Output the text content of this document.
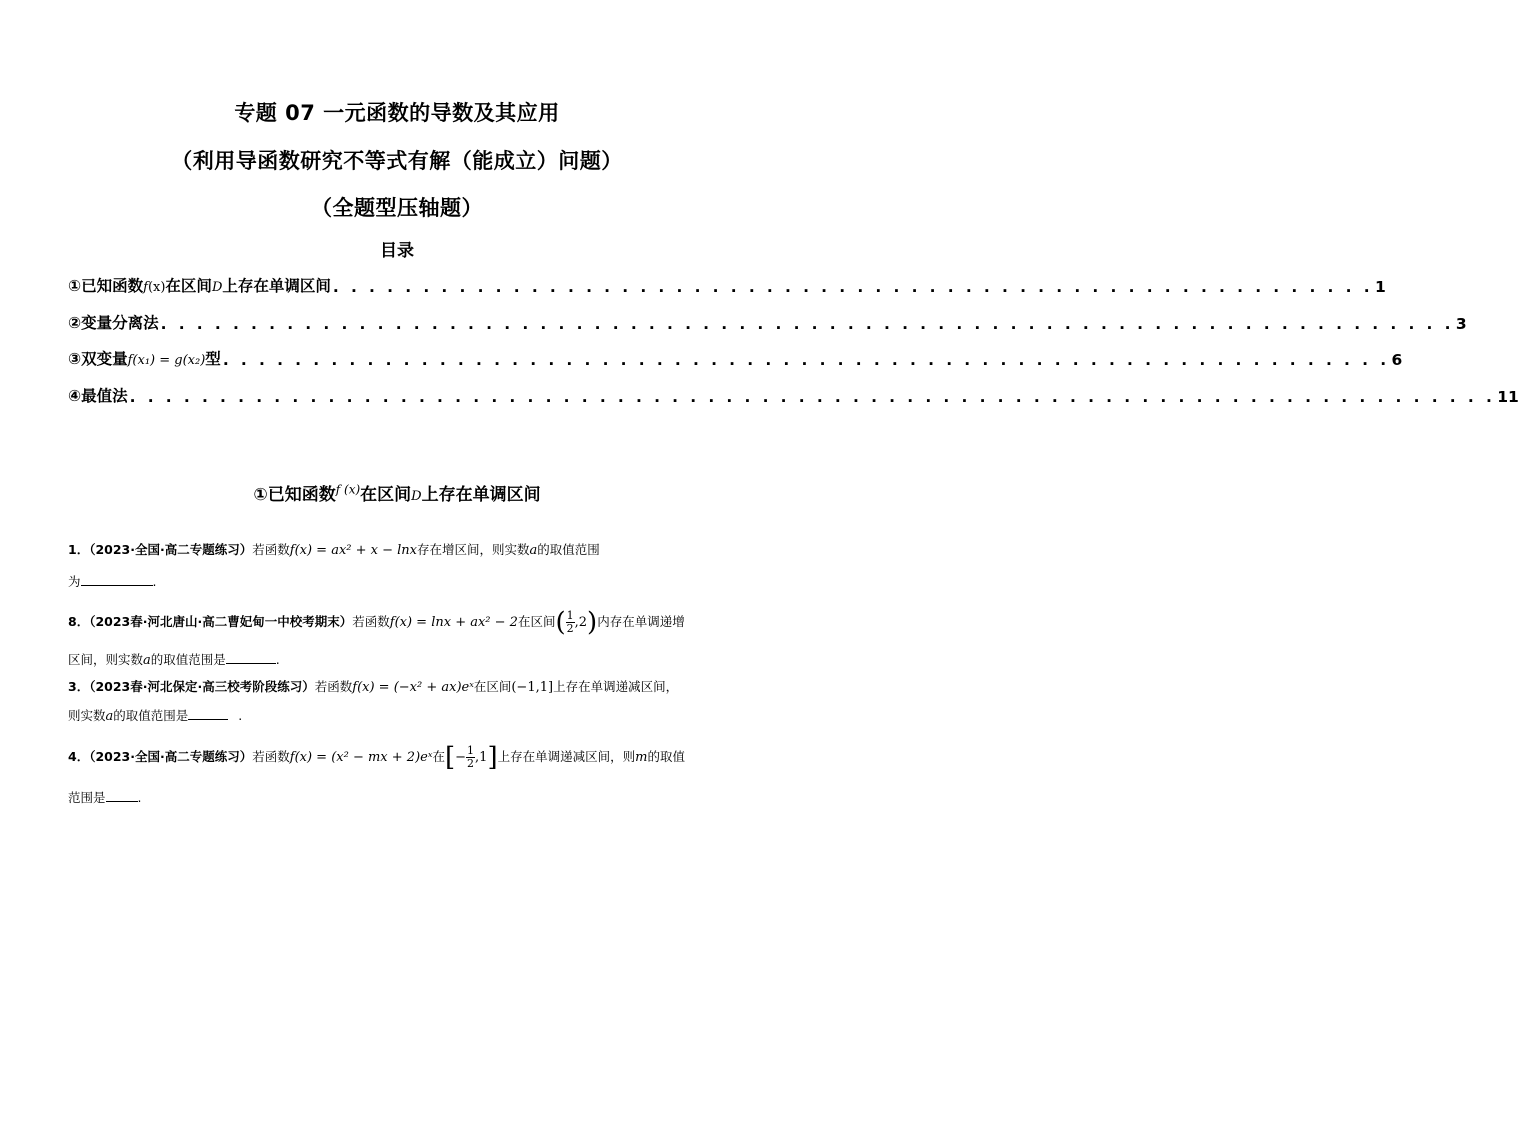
专题 07 一元函数的导数及其应用
（利用导函数研究不等式有解（能成立）问题）
（全题型压轴题）
目录
①已知函数f(x)在区间D上存在单调区间 . . . . . . . . . . . . . . . . . . . . . . . . . . . . . . . . . . . . . . . . . . . . . . . . . . . . . . . . . . 1
②变量分离法 . . . . . . . . . . . . . . . . . . . . . . . . . . . . . . . . . . . . . . . . . . . . . . . . . . . . . . . . . . . . . . . . . . . . . . . . 3
③双变量f(x₁) = g(x₂)型 . . . . . . . . . . . . . . . . . . . . . . . . . . . . . . . . . . . . . . . . . . . . . . . . . . . . . . . . . . . . . . . . . 6
④最值法 . . . . . . . . . . . . . . . . . . . . . . . . . . . . . . . . . . . . . . . . . . . . . . . . . . . . . . . . . . . . . . . . . . . . . . . . . . . . 11
①已知函数$^{f (x)}$在区间D上存在单调区间
1．（2023·全国·高二专题练习）若函数f(x) = ax² + x − lnx存在增区间，则实数a的取值范围
为	.
8．（2023春·河北唐山·高二曹妃甸一中校考期末）若函数f(x) = lnx + ax² − 2在区间( $\frac{1}{2} ,2$)内存在单调递增
区间，则实数a的取值范围是	.
3．（2023春·河北保定·高三校考阶段练习）若函数f(x) = (−x² + ax)eˣ在区间(−1,1]上存在单调递减区间，
则实数a的取值范围是	.
4．（2023·全国·高二专题练习）若函数f(x) = (x² − mx + 2)eˣ在[− $\frac{1}{2} ,1$]上存在单调递减区间，则m的取值
范围是	.
